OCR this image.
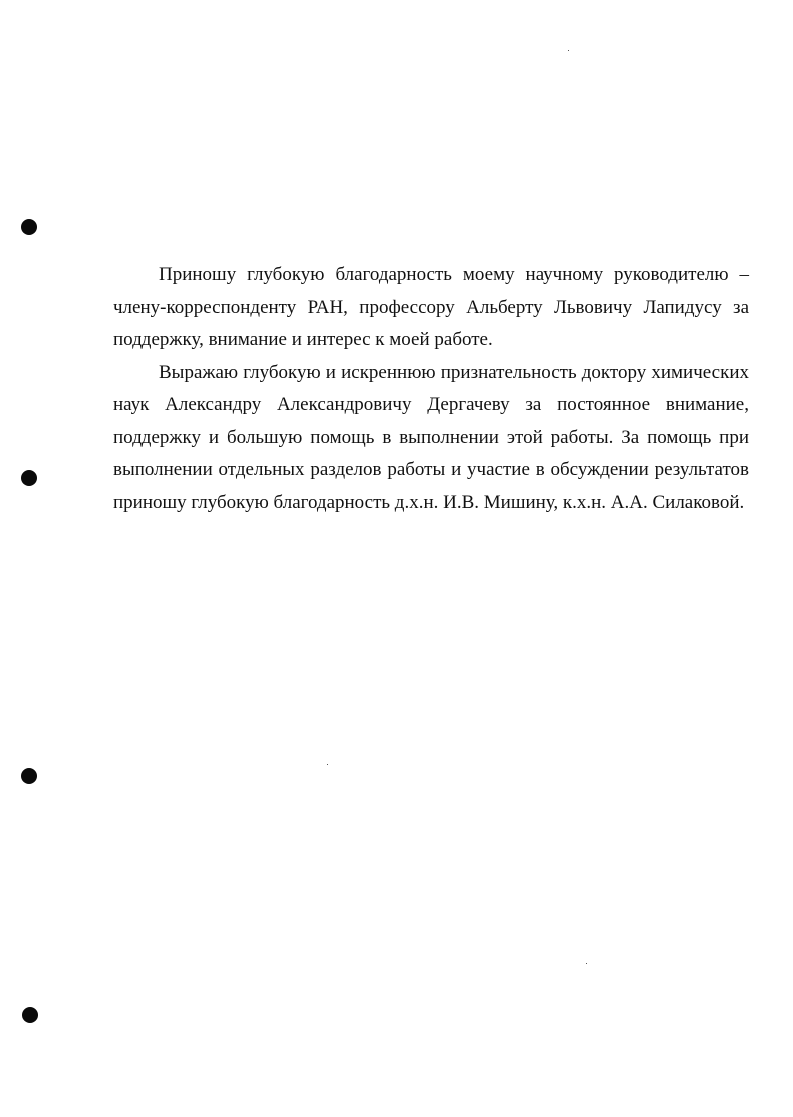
Приношу глубокую благодарность моему научному руководителю – члену-корреспонденту РАН, профессору Альберту Львовичу Лапидусу за поддержку, внимание и интерес к моей работе.

Выражаю глубокую и искреннюю признательность доктору химических наук Александру Александровичу Дергачеву за постоянное внимание, поддержку и большую помощь в выполнении этой работы. За помощь при выполнении отдельных разделов работы и участие в обсуждении результатов приношу глубокую благодарность д.х.н. И.В. Мишину, к.х.н. А.А. Силаковой.
